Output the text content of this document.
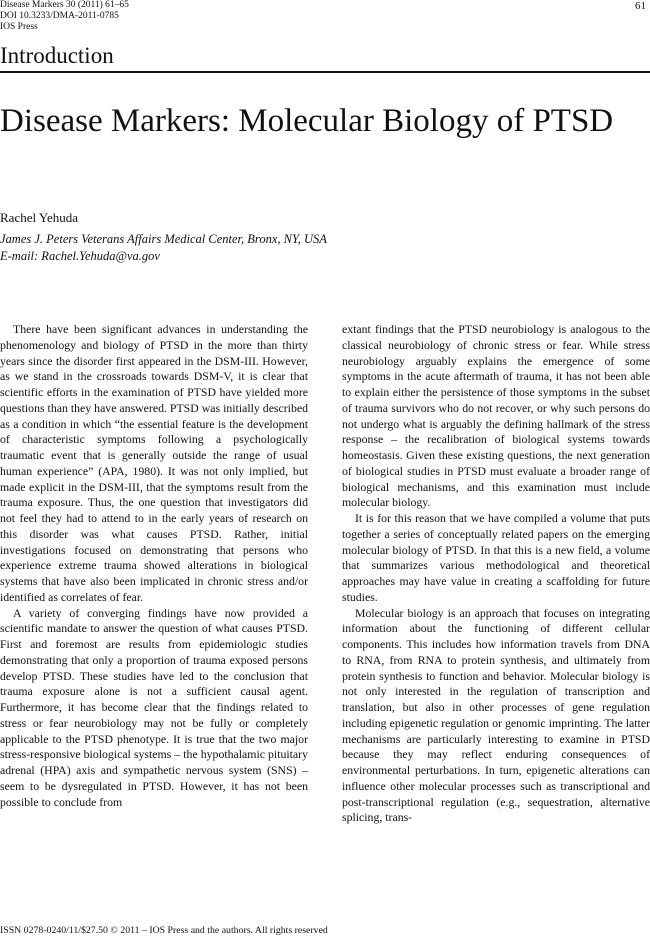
Disease Markers 30 (2011) 61–65
DOI 10.3233/DMA-2011-0785
IOS Press
61
Introduction
Disease Markers: Molecular Biology of PTSD
Rachel Yehuda
James J. Peters Veterans Affairs Medical Center, Bronx, NY, USA
E-mail: Rachel.Yehuda@va.gov

There have been significant advances in understanding the phenomenology and biology of PTSD in the more than thirty years since the disorder first appeared in the DSM-III. However, as we stand in the crossroads towards DSM-V, it is clear that scientific efforts in the examination of PTSD have yielded more questions than they have answered. PTSD was initially described as a condition in which “the essential feature is the development of characteristic symptoms following a psychologically traumatic event that is generally outside the range of usual human experience” (APA, 1980). It was not only implied, but made explicit in the DSM-III, that the symptoms result from the trauma exposure. Thus, the one question that investigators did not feel they had to attend to in the early years of research on this disorder was what causes PTSD. Rather, initial investigations focused on demonstrating that persons who experience extreme trauma showed alterations in biological systems that have also been implicated in chronic stress and/or identified as correlates of fear.

A variety of converging findings have now provided a scientific mandate to answer the question of what causes PTSD. First and foremost are results from epidemiologic studies demonstrating that only a proportion of trauma exposed persons develop PTSD. These studies have led to the conclusion that trauma exposure alone is not a sufficient causal agent. Furthermore, it has become clear that the findings related to stress or fear neurobiology may not be fully or completely applicable to the PTSD phenotype. It is true that the two major stress-responsive biological systems – the hypothalamic pituitary adrenal (HPA) axis and sympathetic nervous system (SNS) – seem to be dysregulated in PTSD. However, it has not been possible to conclude from

extant findings that the PTSD neurobiology is analogous to the classical neurobiology of chronic stress or fear. While stress neurobiology arguably explains the emergence of some symptoms in the acute aftermath of trauma, it has not been able to explain either the persistence of those symptoms in the subset of trauma survivors who do not recover, or why such persons do not undergo what is arguably the defining hallmark of the stress response – the recalibration of biological systems towards homeostasis. Given these existing questions, the next generation of biological studies in PTSD must evaluate a broader range of biological mechanisms, and this examination must include molecular biology.

It is for this reason that we have compiled a volume that puts together a series of conceptually related papers on the emerging molecular biology of PTSD. In that this is a new field, a volume that summarizes various methodological and theoretical approaches may have value in creating a scaffolding for future studies.

Molecular biology is an approach that focuses on integrating information about the functioning of different cellular components. This includes how information travels from DNA to RNA, from RNA to protein synthesis, and ultimately from protein synthesis to function and behavior. Molecular biology is not only interested in the regulation of transcription and translation, but also in other processes of gene regulation including epigenetic regulation or genomic imprinting. The latter mechanisms are particularly interesting to examine in PTSD because they may reflect enduring consequences of environmental perturbations. In turn, epigenetic alterations can influence other molecular processes such as transcriptional and post-transcriptional regulation (e.g., sequestration, alternative splicing, trans-

ISSN 0278-0240/11/$27.50 © 2011 – IOS Press and the authors. All rights reserved
